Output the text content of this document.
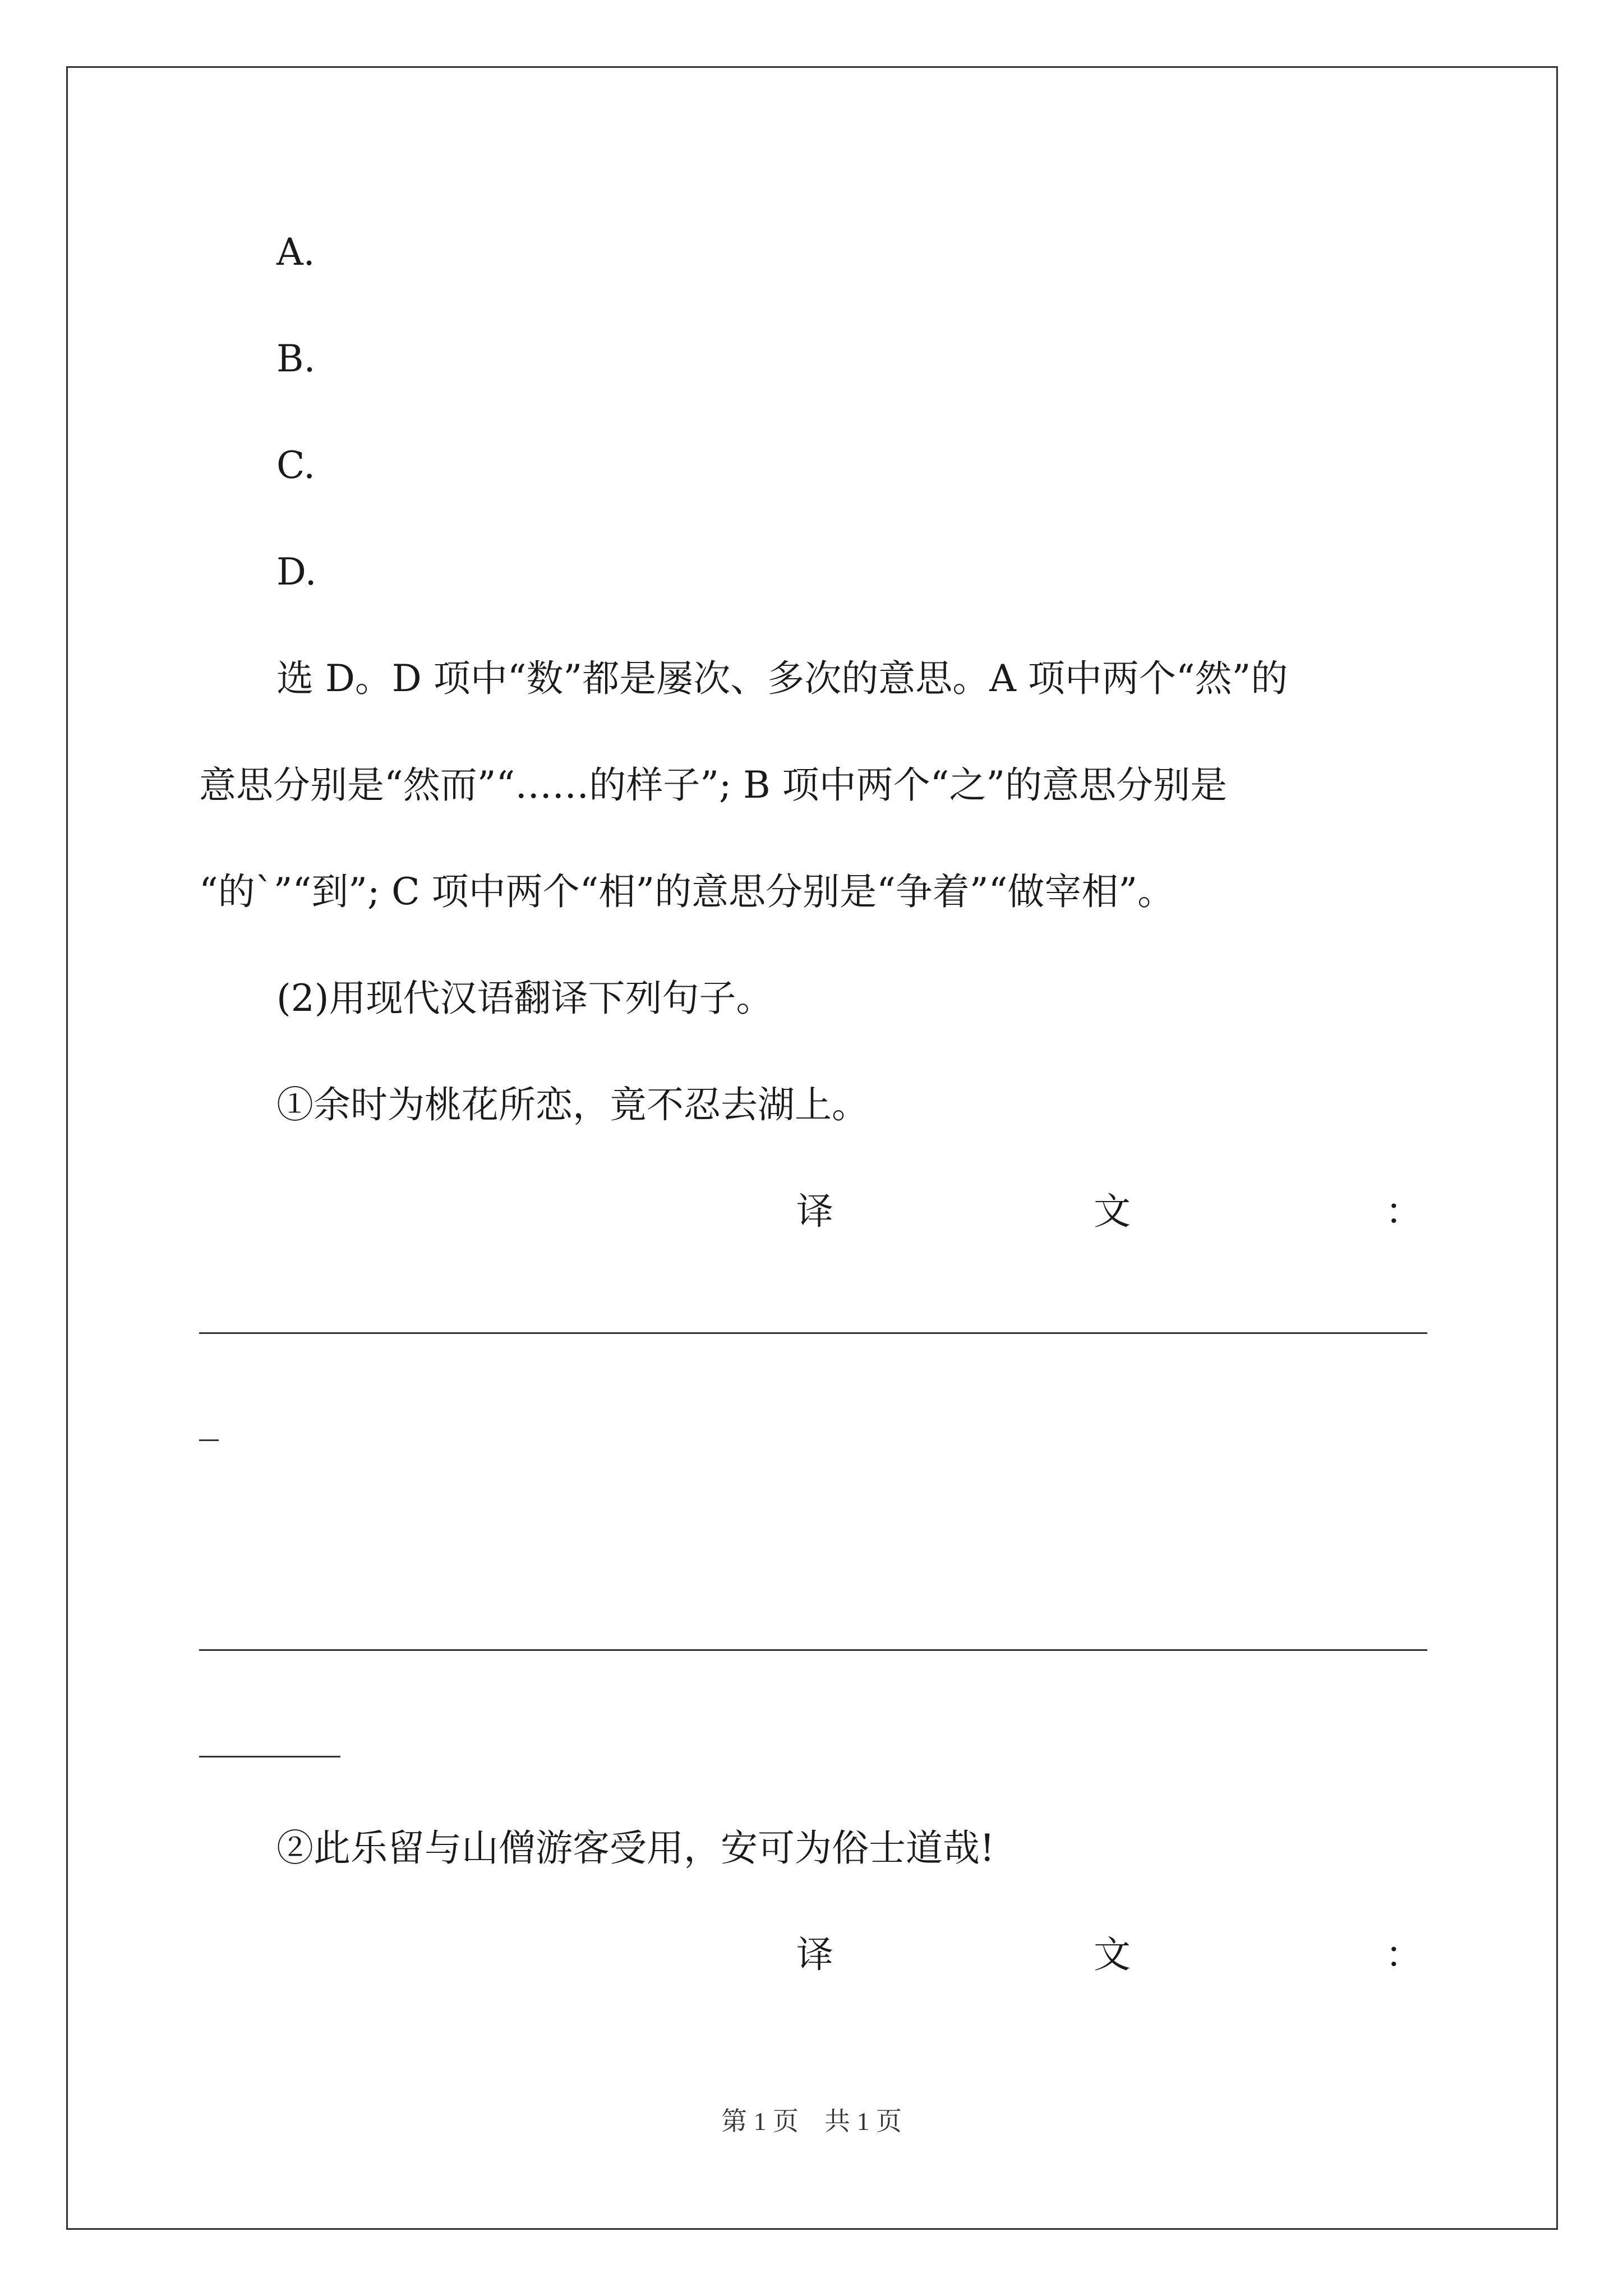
A.
B.
C.
D.
选 D。D 项中“数”都是屡次、多次的意思。A 项中两个“然”的
意思分别是“然而”“……的样子”; B 项中两个“之”的意思分别是
“的`”“到”; C 项中两个“相”的意思分别是“争着”“做宰相”。
(2)用现代汉语翻译下列句子。
①余时为桃花所恋，竟不忍去湖上。
译	文	：
②此乐留与山僧游客受用，安可为俗士道哉!
译	文	：
第 1 页　共 1 页
